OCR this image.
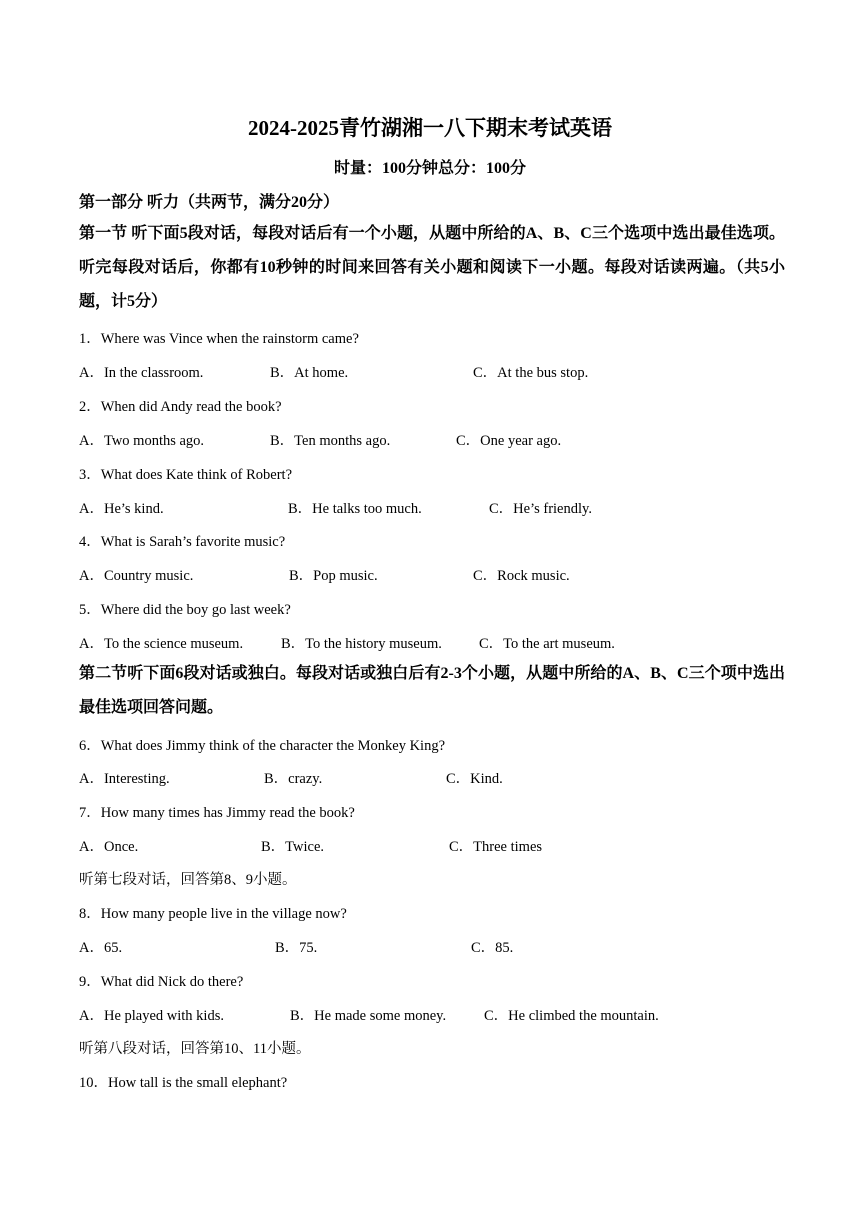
2024-2025青竹湖湘一八下期末考试英语
时量：100分钟总分：100分
第一部分 听力（共两节，满分20分）
第一节 听下面5段对话，每段对话后有一个小题，从题中所给的A、B、C三个选项中选出最佳选项。听完每段对话后，你都有10秒钟的时间来回答有关小题和阅读下一小题。每段对话读两遍。（共5小题，计5分）
1．Where was Vince when the rainstorm came?
A．In the classroom.	B．At home.	C．At the bus stop.
2．When did Andy read the book?
A．Two months ago.	B．Ten months ago.	C．One year ago.
3．What does Kate think of Robert?
A．He’s kind.	B．He talks too much.	C．He’s friendly.
4．What is Sarah’s favorite music?
A．Country music.	B．Pop music.	C．Rock music.
5．Where did the boy go last week?
A．To the science museum.	B．To the history museum.	C．To the art museum.
第二节听下面6段对话或独白。每段对话或独白后有2-3个小题，从题中所给的A、B、C三个项中选出最佳选项回答问题。
6．What does Jimmy think of the character the Monkey King?
A．Interesting.	B．crazy.	C．Kind.
7．How many times has Jimmy read the book?
A．Once.	B．Twice.	C．Three times
听第七段对话，回答第8、9小题。
8．How many people live in the village now?
A．65.	B．75.	C．85.
9．What did Nick do there?
A．He played with kids.	B．He made some money.	C．He climbed the mountain.
听第八段对话，回答第10、11小题。
10．How tall is the small elephant?
